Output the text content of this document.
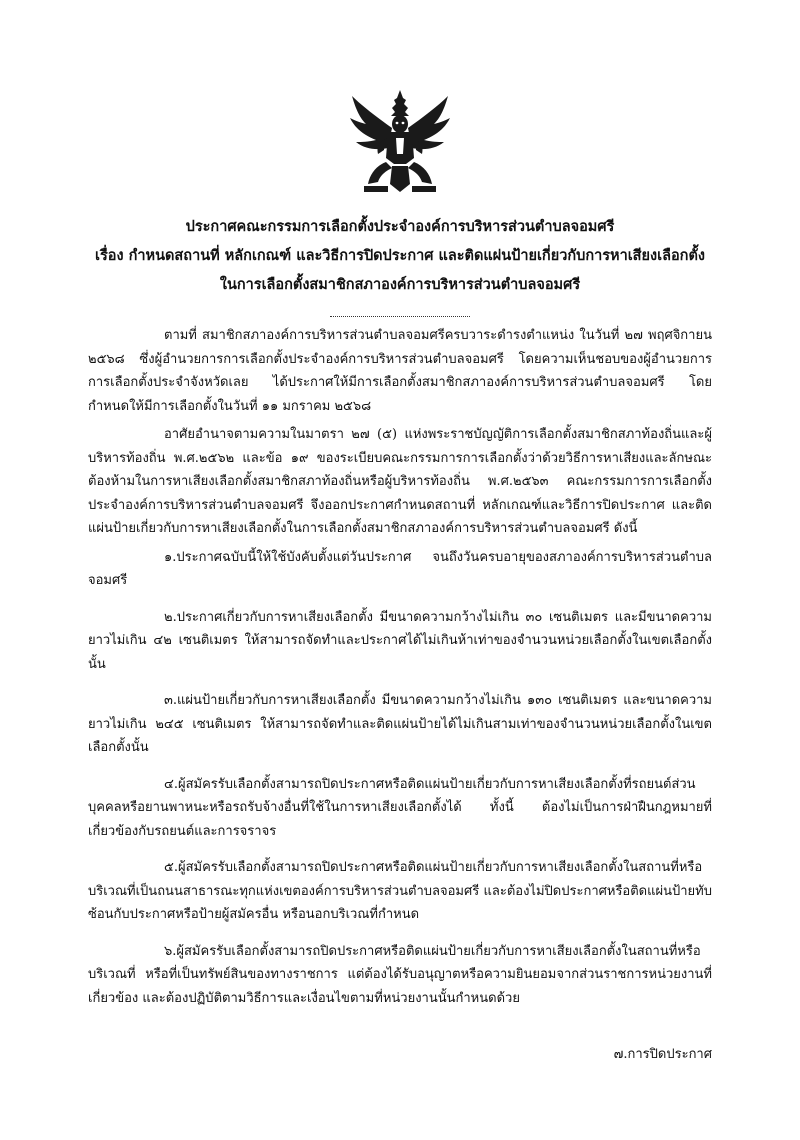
ประกาศคณะกรรมการเลือกตั้งประจำองค์การบริหารส่วนตำบลจอมศรี
เรื่อง กำหนดสถานที่ หลักเกณฑ์ และวิธีการปิดประกาศ และติดแผ่นป้ายเกี่ยวกับการหาเสียงเลือกตั้ง
ในการเลือกตั้งสมาชิกสภาองค์การบริหารส่วนตำบลจอมศรี

ตามที่ สมาชิกสภาองค์การบริหารส่วนตำบลจอมศรีครบวาระดำรงตำแหน่ง ในวันที่ ๒๗ พฤศจิกายน ๒๕๖๘ ซึ่งผู้อำนวยการการเลือกตั้งประจำองค์การบริหารส่วนตำบลจอมศรี โดยความเห็นชอบของผู้อำนวยการการเลือกตั้งประจำจังหวัดเลย ได้ประกาศให้มีการเลือกตั้งสมาชิกสภาองค์การบริหารส่วนตำบลจอมศรี โดยกำหนดให้มีการเลือกตั้งในวันที่ ๑๑ มกราคม ๒๕๖๘

อาศัยอำนาจตามความในมาตรา ๒๗ (๕) แห่งพระราชบัญญัติการเลือกตั้งสมาชิกสภาท้องถิ่นและผู้บริหารท้องถิ่น พ.ศ.๒๕๖๒ และข้อ ๑๙ ของระเบียบคณะกรรมการการเลือกตั้งว่าด้วยวิธีการหาเสียงและลักษณะต้องห้ามในการหาเสียงเลือกตั้งสมาชิกสภาท้องถิ่นหรือผู้บริหารท้องถิ่น พ.ศ.๒๕๖๓ คณะกรรมการการเลือกตั้งประจำองค์การบริหารส่วนตำบลจอมศรี จึงออกประกาศกำหนดสถานที่ หลักเกณฑ์และวิธีการปิดประกาศ และติดแผ่นป้ายเกี่ยวกับการหาเสียงเลือกตั้งในการเลือกตั้งสมาชิกสภาองค์การบริหารส่วนตำบลจอมศรี ดังนี้

๑.ประกาศฉบับนี้ให้ใช้บังคับตั้งแต่วันประกาศ จนถึงวันครบอายุของสภาองค์การบริหารส่วนตำบลจอมศรี

๒.ประกาศเกี่ยวกับการหาเสียงเลือกตั้ง มีขนาดความกว้างไม่เกิน ๓๐ เซนติเมตร และมีขนาดความยาวไม่เกิน ๔๒ เซนติเมตร ให้สามารถจัดทำและประกาศได้ไม่เกินห้าเท่าของจำนวนหน่วยเลือกตั้งในเขตเลือกตั้งนั้น

๓.แผ่นป้ายเกี่ยวกับการหาเสียงเลือกตั้ง มีขนาดความกว้างไม่เกิน ๑๓๐ เซนติเมตร และขนาดความยาวไม่เกิน ๒๔๕ เซนติเมตร ให้สามารถจัดทำและติดแผ่นป้ายได้ไม่เกินสามเท่าของจำนวนหน่วยเลือกตั้งในเขตเลือกตั้งนั้น

๔.ผู้สมัครรับเลือกตั้งสามารถปิดประกาศหรือติดแผ่นป้ายเกี่ยวกับการหาเสียงเลือกตั้งที่รถยนต์ส่วนบุคคลหรือยานพาหนะหรือรถรับจ้างอื่นที่ใช้ในการหาเสียงเลือกตั้งได้ ทั้งนี้ ต้องไม่เป็นการฝ่าฝืนกฎหมายที่เกี่ยวข้องกับรถยนต์และการจราจร

๕.ผู้สมัครรับเลือกตั้งสามารถปิดประกาศหรือติดแผ่นป้ายเกี่ยวกับการหาเสียงเลือกตั้งในสถานที่หรือบริเวณที่เป็นถนนสาธารณะทุกแห่งเขตองค์การบริหารส่วนตำบลจอมศรี และต้องไม่ปิดประกาศหรือติดแผ่นป้ายทับซ้อนกับประกาศหรือป้ายผู้สมัครอื่น หรือนอกบริเวณที่กำหนด

๖.ผู้สมัครรับเลือกตั้งสามารถปิดประกาศหรือติดแผ่นป้ายเกี่ยวกับการหาเสียงเลือกตั้งในสถานที่หรือบริเวณที่ หรือที่เป็นทรัพย์สินของทางราชการ แต่ต้องได้รับอนุญาตหรือความยินยอมจากส่วนราชการหน่วยงานที่เกี่ยวข้อง และต้องปฏิบัติตามวิธีการและเงื่อนไขตามที่หน่วยงานนั้นกำหนดด้วย

๗.การปิดประกาศ
